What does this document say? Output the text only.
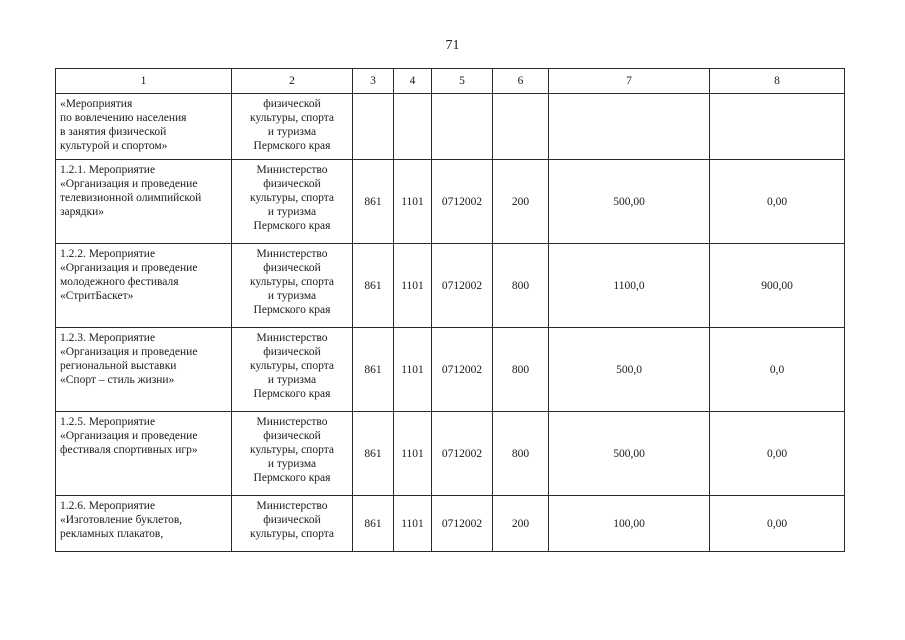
71
1	2	3	4	5	6	7	8

«Мероприятия
по вовлечению населения
в занятия физической
культурой и спортом»	физической
культуры, спорта
и туризма
Пермского края						

1.2.1. Мероприятие
«Организация и проведение
телевизионной олимпийской
зарядки»	Министерство
физической
культуры, спорта
и туризма
Пермского края	861	1101	0712002	200	500,00	0,00

1.2.2. Мероприятие
«Организация и проведение
молодежного фестиваля
«СтритБаскет»	Министерство
физической
культуры, спорта
и туризма
Пермского края	861	1101	0712002	800	1100,0	900,00

1.2.3. Мероприятие
«Организация и проведение
региональной выставки
«Спорт – стиль жизни»	Министерство
физической
культуры, спорта
и туризма
Пермского края	861	1101	0712002	800	500,0	0,0

1.2.5. Мероприятие
«Организация и проведение
фестиваля спортивных игр»	Министерство
физической
культуры, спорта
и туризма
Пермского края	861	1101	0712002	800	500,00	0,00

1.2.6. Мероприятие
«Изготовление буклетов,
рекламных плакатов,	Министерство
физической
культуры, спорта	861	1101	0712002	200	100,00	0,00
